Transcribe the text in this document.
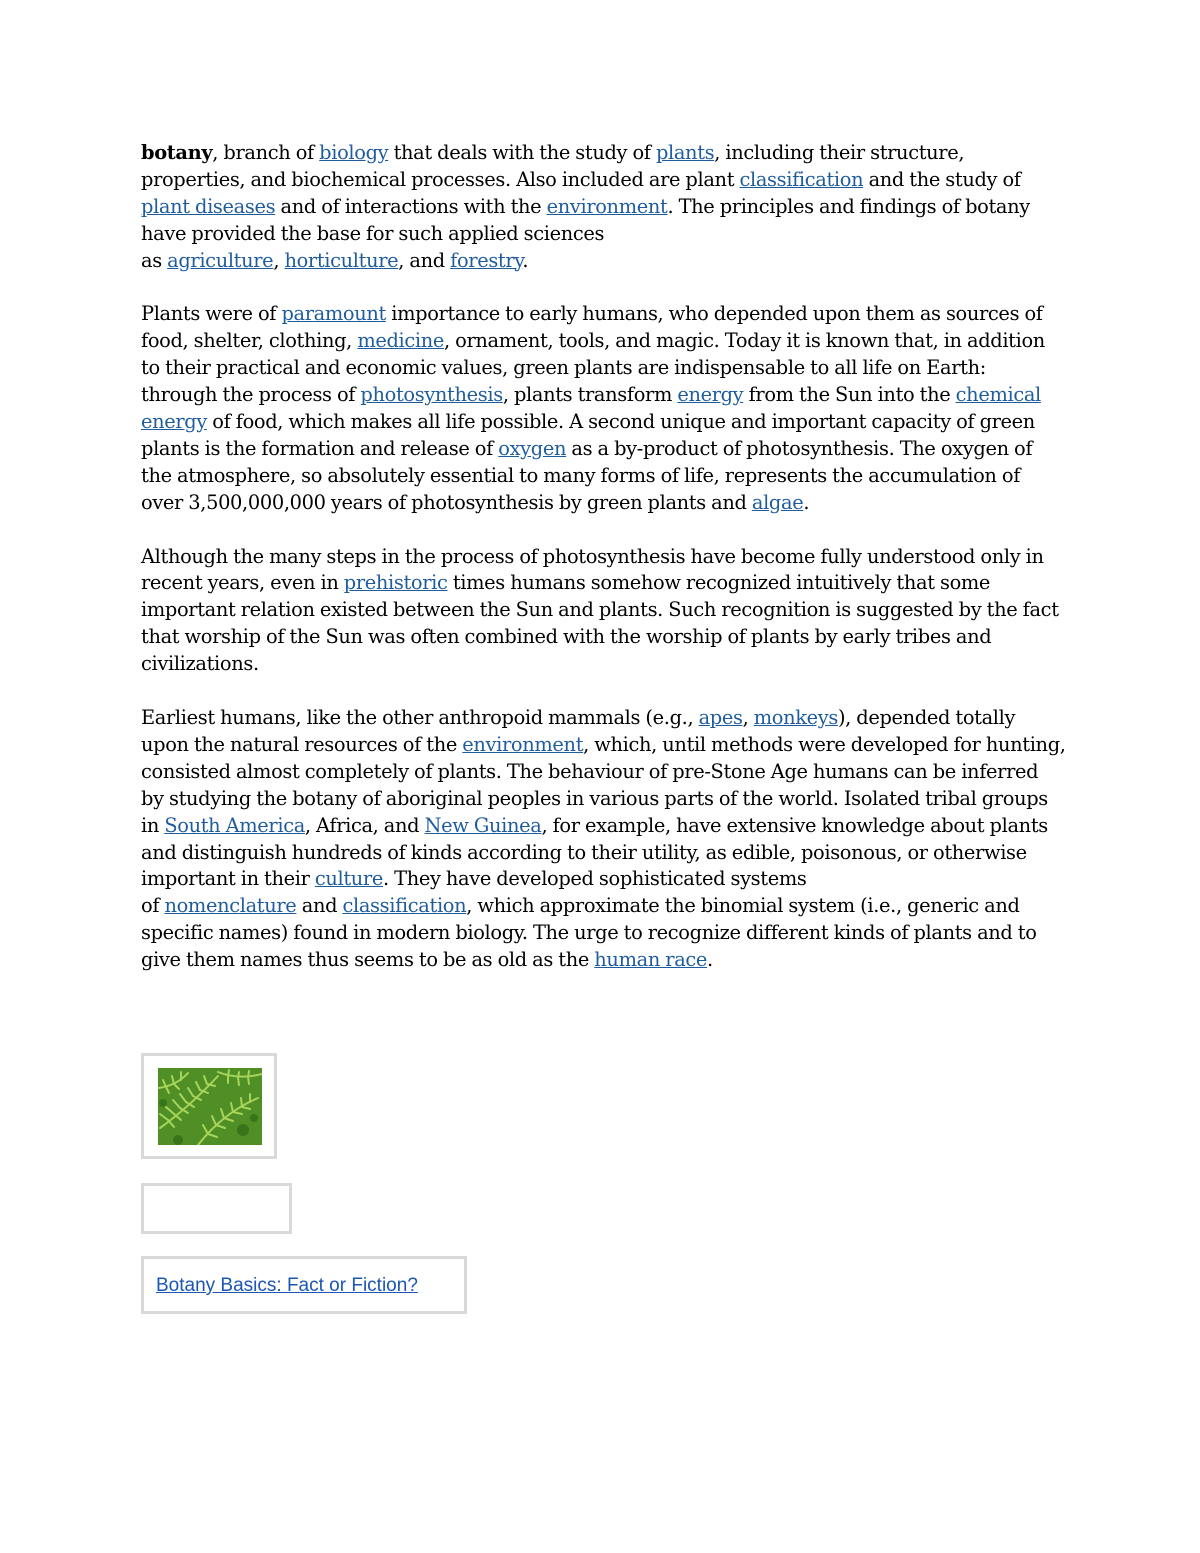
botany, branch of biology that deals with the study of plants, including their structure, properties, and biochemical processes. Also included are plant classification and the study of plant diseases and of interactions with the environment. The principles and findings of botany have provided the base for such applied sciences
as agriculture, horticulture, and forestry.

Plants were of paramount importance to early humans, who depended upon them as sources of food, shelter, clothing, medicine, ornament, tools, and magic. Today it is known that, in addition to their practical and economic values, green plants are indispensable to all life on Earth: through the process of photosynthesis, plants transform energy from the Sun into the chemical energy of food, which makes all life possible. A second unique and important capacity of green plants is the formation and release of oxygen as a by-product of photosynthesis. The oxygen of the atmosphere, so absolutely essential to many forms of life, represents the accumulation of over 3,500,000,000 years of photosynthesis by green plants and algae.

Although the many steps in the process of photosynthesis have become fully understood only in recent years, even in prehistoric times humans somehow recognized intuitively that some important relation existed between the Sun and plants. Such recognition is suggested by the fact that worship of the Sun was often combined with the worship of plants by early tribes and civilizations.

Earliest humans, like the other anthropoid mammals (e.g., apes, monkeys), depended totally upon the natural resources of the environment, which, until methods were developed for hunting, consisted almost completely of plants. The behaviour of pre-Stone Age humans can be inferred by studying the botany of aboriginal peoples in various parts of the world. Isolated tribal groups in South America, Africa, and New Guinea, for example, have extensive knowledge about plants and distinguish hundreds of kinds according to their utility, as edible, poisonous, or otherwise important in their culture. They have developed sophisticated systems
of nomenclature and classification, which approximate the binomial system (i.e., generic and specific names) found in modern biology. The urge to recognize different kinds of plants and to give them names thus seems to be as old as the human race.

Botany Basics: Fact or Fiction?
